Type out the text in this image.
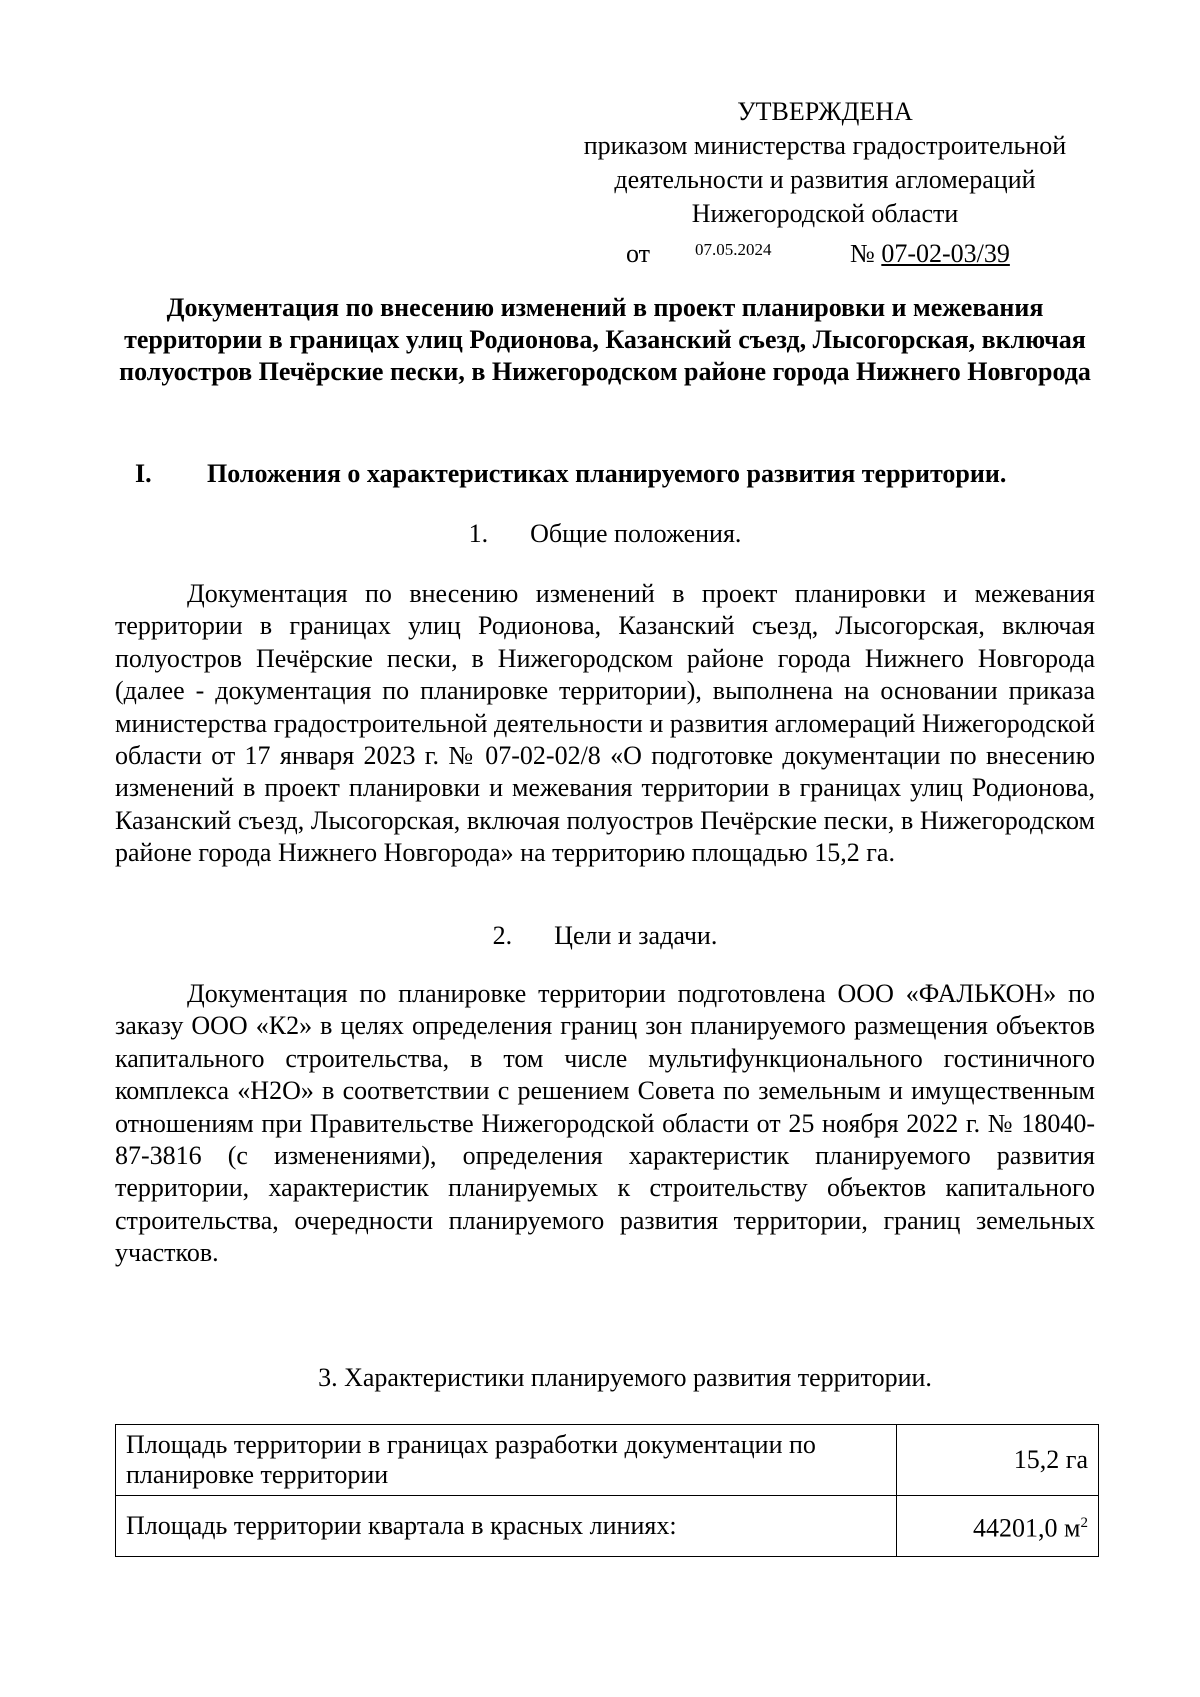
УТВЕРЖДЕНА
приказом министерства градостроительной
деятельности и развития агломераций
Нижегородской области
от	07.05.2024	№ 07-02-03/39
Документация по внесению изменений в проект планировки и межевания территории в границах улиц Родионова, Казанский съезд, Лысогорская, включая полуостров Печёрские пески, в Нижегородском районе города Нижнего Новгорода
I. Положения о характеристиках планируемого развития территории.
1. Общие положения.
Документация по внесению изменений в проект планировки и межевания территории в границах улиц Родионова, Казанский съезд, Лысогорская, включая полуостров Печёрские пески, в Нижегородском районе города Нижнего Новгорода (далее - документация по планировке территории), выполнена на основании приказа министерства градостроительной деятельности и развития агломераций Нижегородской области от 17 января 2023 г. № 07-02-02/8 «О подготовке документации по внесению изменений в проект планировки и межевания территории в границах улиц Родионова, Казанский съезд, Лысогорская, включая полуостров Печёрские пески, в Нижегородском районе города Нижнего Новгорода» на территорию площадью 15,2 га.
2. Цели и задачи.
Документация по планировке территории подготовлена ООО «ФАЛЬКОН» по заказу ООО «К2» в целях определения границ зон планируемого размещения объектов капитального строительства, в том числе мультифункционального гостиничного комплекса «Н2О» в соответствии с решением Совета по земельным и имущественным отношениям при Правительстве Нижегородской области от 25 ноября 2022 г. № 18040-87-3816 (с изменениями), определения характеристик планируемого развития территории, характеристик планируемых к строительству объектов капитального строительства, очередности планируемого развития территории, границ земельных участков.
3. Характеристики планируемого развития территории.
Площадь территории в границах разработки документации по планировке территории	15,2 га
Площадь территории квартала в красных линиях:	44201,0 $м^2$
